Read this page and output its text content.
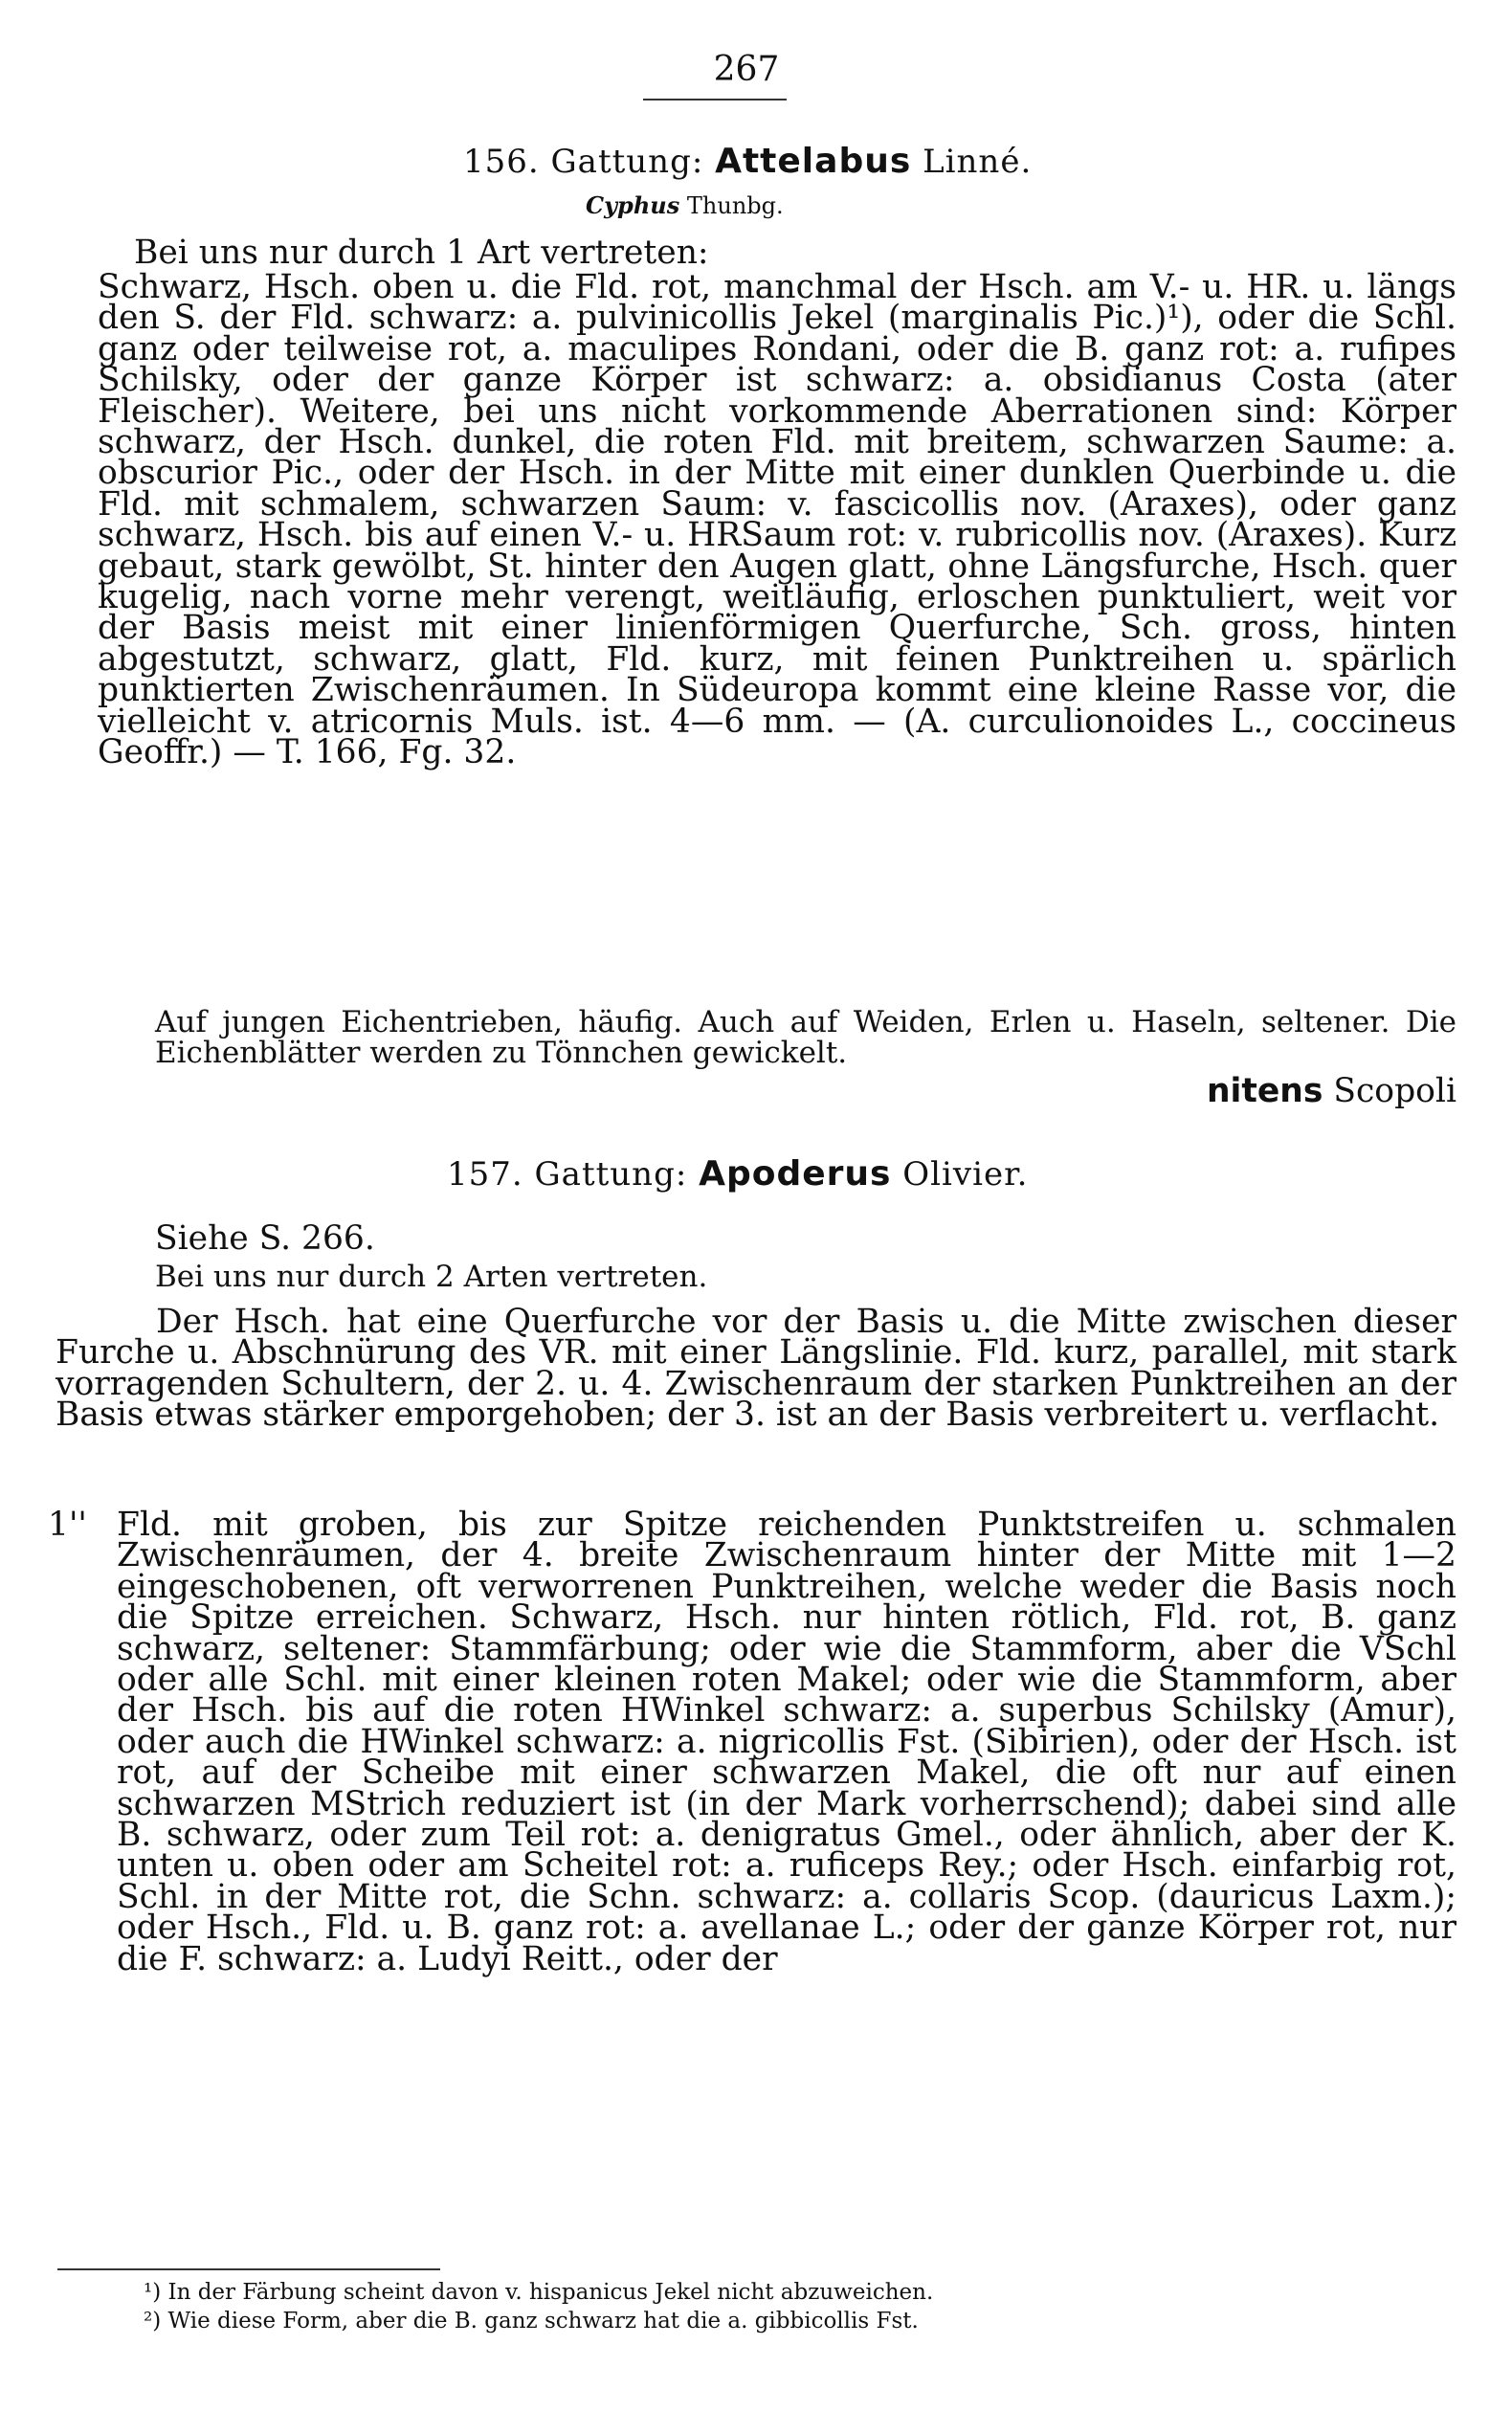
267
156. Gattung: Attelabus Linné.
Cyphus Thunbg.
Bei uns nur durch 1 Art vertreten:
Schwarz, Hsch. oben u. die Fld. rot, manchmal der Hsch. am V.- u. HR. u. längs den S. der Fld. schwarz: a. pulvinicollis Jekel (marginalis Pic.)¹), oder die Schl. ganz oder teilweise rot, a. maculipes Rondani, oder die B. ganz rot: a. rufipes Schilsky, oder der ganze Körper ist schwarz: a. obsidianus Costa (ater Fleischer). Weitere, bei uns nicht vorkommende Aberrationen sind: Körper schwarz, der Hsch. dunkel, die roten Fld. mit breitem, schwarzen Saume: a. obscurior Pic., oder der Hsch. in der Mitte mit einer dunklen Querbinde u. die Fld. mit schmalem, schwarzen Saum: v. fascicollis nov. (Araxes), oder ganz schwarz, Hsch. bis auf einen V.- u. HRSaum rot: v. rubricollis nov. (Araxes). Kurz gebaut, stark gewölbt, St. hinter den Augen glatt, ohne Längsfurche, Hsch. quer kugelig, nach vorne mehr verengt, weitläufig, erloschen punktuliert, weit vor der Basis meist mit einer linienförmigen Querfurche, Sch. gross, hinten abgestutzt, schwarz, glatt, Fld. kurz, mit feinen Punktreihen u. spärlich punktierten Zwischenräumen. In Südeuropa kommt eine kleine Rasse vor, die vielleicht v. atricornis Muls. ist. 4—6 mm. — (A. curculionoides L., coccineus Geoffr.) — T. 166, Fg. 32.
Auf jungen Eichentrieben, häufig. Auch auf Weiden, Erlen u. Haseln, seltener. Die Eichenblätter werden zu Tönnchen gewickelt.
nitens Scopoli
157. Gattung: Apoderus Olivier.
Siehe S. 266.
Bei uns nur durch 2 Arten vertreten.
Der Hsch. hat eine Querfurche vor der Basis u. die Mitte zwischen dieser Furche u. Abschnürung des VR. mit einer Längslinie. Fld. kurz, parallel, mit stark vorragenden Schultern, der 2. u. 4. Zwischenraum der starken Punktreihen an der Basis etwas stärker emporgehoben; der 3. ist an der Basis verbreitert u. verflacht.
1'' Fld. mit groben, bis zur Spitze reichenden Punktstreifen u. schmalen Zwischenräumen, der 4. breite Zwischenraum hinter der Mitte mit 1—2 eingeschobenen, oft verworrenen Punktreihen, welche weder die Basis noch die Spitze erreichen. Schwarz, Hsch. nur hinten rötlich, Fld. rot, B. ganz schwarz, seltener: Stammfärbung; oder wie die Stammform, aber die VSchl oder alle Schl. mit einer kleinen roten Makel; oder wie die Stammform, aber der Hsch. bis auf die roten HWinkel schwarz: a. superbus Schilsky (Amur), oder auch die HWinkel schwarz: a. nigricollis Fst. (Sibirien), oder der Hsch. ist rot, auf der Scheibe mit einer schwarzen Makel, die oft nur auf einen schwarzen MStrich reduziert ist (in der Mark vorherrschend); dabei sind alle B. schwarz, oder zum Teil rot: a. denigratus Gmel., oder ähnlich, aber der K. unten u. oben oder am Scheitel rot: a. ruficeps Rey.; oder Hsch. einfarbig rot, Schl. in der Mitte rot, die Schn. schwarz: a. collaris Scop. (dauricus Laxm.); oder Hsch., Fld. u. B. ganz rot: a. avellanae L.; oder der ganze Körper rot, nur die F. schwarz: a. Ludyi Reitt., oder der
¹) In der Färbung scheint davon v. hispanicus Jekel nicht abzuweichen.
²) Wie diese Form, aber die B. ganz schwarz hat die a. gibbicollis Fst.
